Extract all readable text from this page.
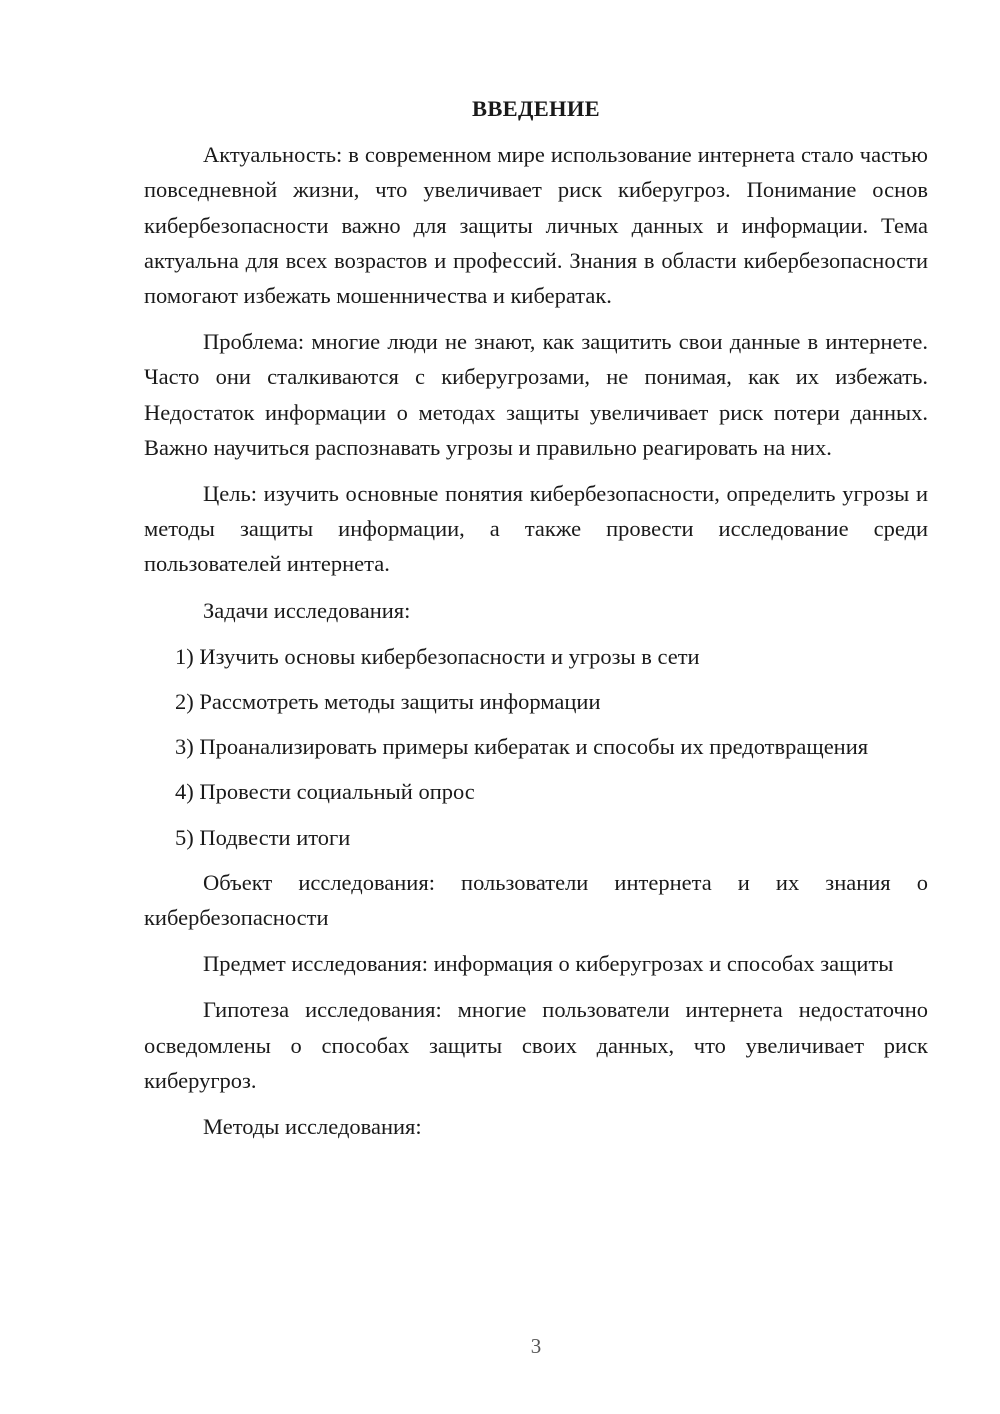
ВВЕДЕНИЕ

Актуальность: в современном мире использование интернета стало частью повседневной жизни, что увеличивает риск киберугроз. Понимание основ кибербезопасности важно для защиты личных данных и информации. Тема актуальна для всех возрастов и профессий. Знания в области кибербезопасности помогают избежать мошенничества и кибератак.

Проблема: многие люди не знают, как защитить свои данные в интернете. Часто они сталкиваются с киберугрозами, не понимая, как их избежать. Недостаток информации о методах защиты увеличивает риск потери данных. Важно научиться распознавать угрозы и правильно реагировать на них.

Цель: изучить основные понятия кибербезопасности, определить угрозы и методы защиты информации, а также провести исследование среди пользователей интернета.

Задачи исследования:

1) Изучить основы кибербезопасности и угрозы в сети

2) Рассмотреть методы защиты информации

3) Проанализировать примеры кибератак и способы их предотвращения

4) Провести социальный опрос

5) Подвести итоги

Объект исследования: пользователи интернета и их знания о кибербезопасности

Предмет исследования: информация о киберугрозах и способах защиты

Гипотеза исследования: многие пользователи интернета недостаточно осведомлены о способах защиты своих данных, что увеличивает риск киберугроз.

Методы исследования:

3
